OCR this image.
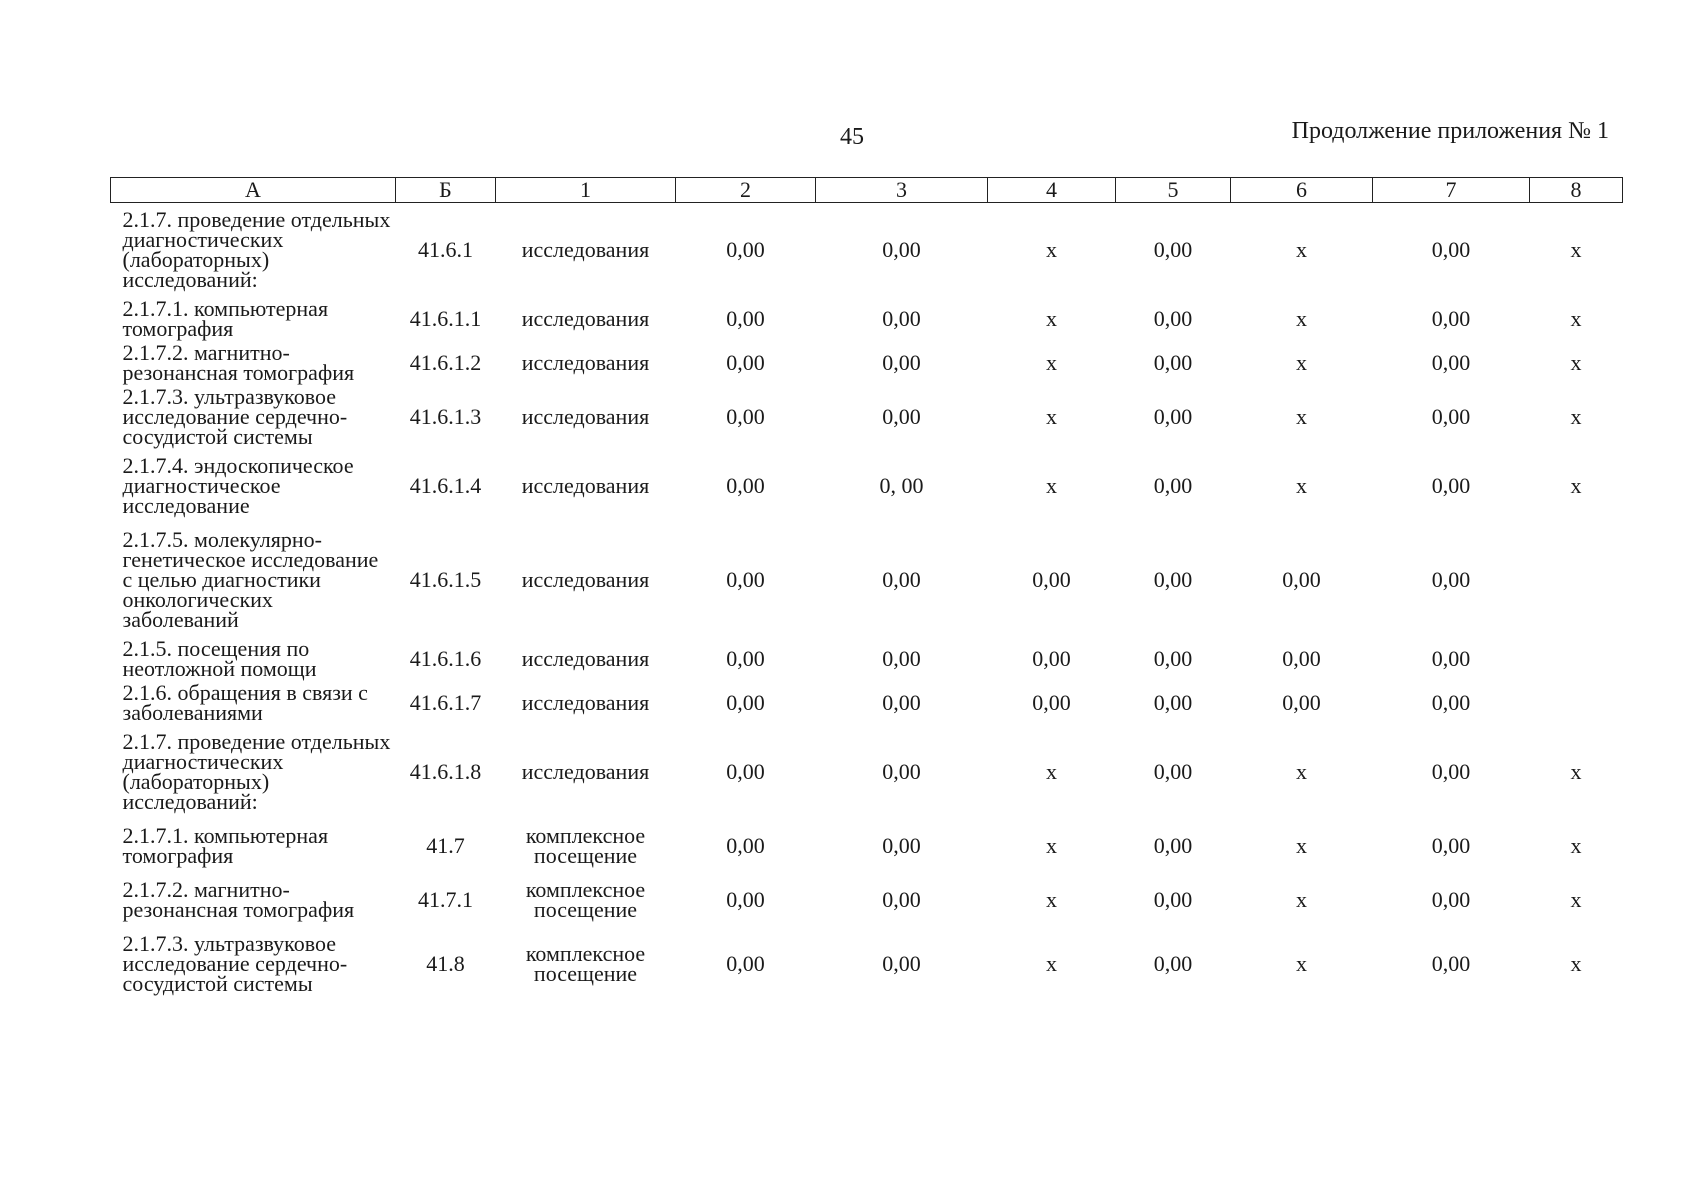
45	Продолжение приложения № 1
А	Б	1	2	3	4	5	6	7	8
2.1.7. проведение отдельных диагностических (лабораторных) исследований:	41.6.1	исследования	0,00	0,00	х	0,00	х	0,00	х
2.1.7.1. компьютерная томография	41.6.1.1	исследования	0,00	0,00	х	0,00	х	0,00	х
2.1.7.2. магнитно-резонансная томография	41.6.1.2	исследования	0,00	0,00	х	0,00	х	0,00	х
2.1.7.3. ультразвуковое исследование сердечно-сосудистой системы	41.6.1.3	исследования	0,00	0,00	х	0,00	х	0,00	х
2.1.7.4. эндоскопическое диагностическое исследование	41.6.1.4	исследования	0,00	0, 00	х	0,00	х	0,00	х
2.1.7.5. молекулярно-генетическое исследование с целью диагностики онкологических заболеваний	41.6.1.5	исследования	0,00	0,00	0,00	0,00	0,00	0,00	
2.1.5. посещения по неотложной помощи	41.6.1.6	исследования	0,00	0,00	0,00	0,00	0,00	0,00	
2.1.6. обращения в связи с заболеваниями	41.6.1.7	исследования	0,00	0,00	0,00	0,00	0,00	0,00	
2.1.7. проведение отдельных диагностических (лабораторных) исследований:	41.6.1.8	исследования	0,00	0,00	х	0,00	х	0,00	х
2.1.7.1. компьютерная томография	41.7	комплексное посещение	0,00	0,00	х	0,00	х	0,00	х
2.1.7.2. магнитно-резонансная томография	41.7.1	комплексное посещение	0,00	0,00	х	0,00	х	0,00	х
2.1.7.3. ультразвуковое исследование сердечно-сосудистой системы	41.8	комплексное посещение	0,00	0,00	х	0,00	х	0,00	х
